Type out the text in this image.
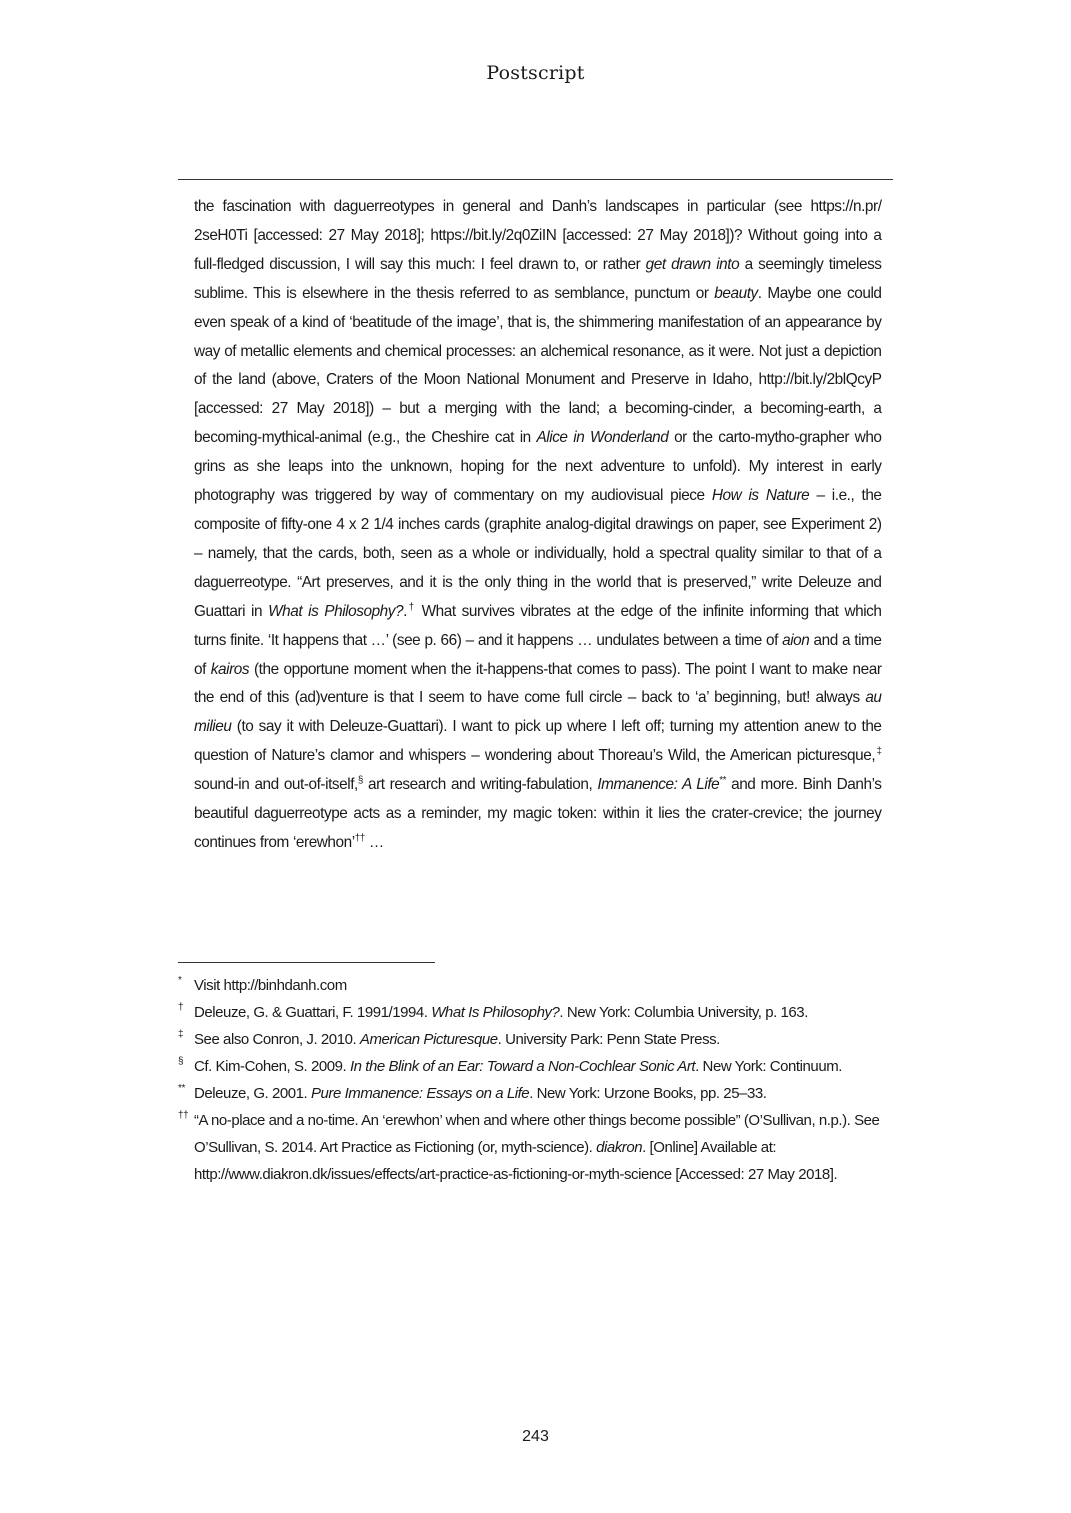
Postscript

the fascination with daguerreotypes in general and Danh’s landscapes in particular (see https://n.pr/ 2seH0Ti [accessed: 27 May 2018]; https://bit.ly/2q0ZiIN [accessed: 27 May 2018])? Without going into a full-fledged discussion, I will say this much: I feel drawn to, or rather get drawn into a seemingly timeless sublime. This is elsewhere in the thesis referred to as semblance, punctum or beauty. Maybe one could even speak of a kind of ‘beatitude of the image’, that is, the shimmering manifestation of an appearance by way of metallic elements and chemical processes: an alchemical resonance, as it were. Not just a depiction of the land (above, Craters of the Moon National Monument and Preserve in Idaho, http://bit.ly/2blQcyP [accessed: 27 May 2018]) – but a merging with the land; a becoming-cinder, a becoming-earth, a becoming-mythical-animal (e.g., the Cheshire cat in Alice in Wonderland or the carto-mytho-grapher who grins as she leaps into the unknown, hoping for the next adventure to unfold). My interest in early photography was triggered by way of commentary on my audiovisual piece How is Nature – i.e., the composite of fifty-one 4 x 2 1/4 inches cards (graphite analog-digital drawings on paper, see Experiment 2) – namely, that the cards, both, seen as a whole or individually, hold a spectral quality similar to that of a daguerreotype. “Art preserves, and it is the only thing in the world that is preserved,” write Deleuze and Guattari in What is Philosophy?.† What survives vibrates at the edge of the infinite informing that which turns finite. ‘It happens that …’ (see p. 66) – and it happens … undulates between a time of aion and a time of kairos (the opportune moment when the it-happens-that comes to pass). The point I want to make near the end of this (ad)venture is that I seem to have come full circle – back to ‘a’ beginning, but! always au milieu (to say it with Deleuze-Guattari). I want to pick up where I left off; turning my attention anew to the question of Nature’s clamor and whispers – wondering about Thoreau’s Wild, the American picturesque,‡ sound-in and out-of-itself,§ art research and writing-fabulation, Immanence: A Life** and more. Binh Danh’s beautiful daguerreotype acts as a reminder, my magic token: within it lies the crater-crevice; the journey continues from ‘erewhon’†† …

* Visit http://binhdanh.com
† Deleuze, G. & Guattari, F. 1991/1994. What Is Philosophy?. New York: Columbia University, p. 163.
‡ See also Conron, J. 2010. American Picturesque. University Park: Penn State Press.
§ Cf. Kim-Cohen, S. 2009. In the Blink of an Ear: Toward a Non-Cochlear Sonic Art. New York: Continuum.
** Deleuze, G. 2001. Pure Immanence: Essays on a Life. New York: Urzone Books, pp. 25–33.
†† “A no-place and a no-time. An ‘erewhon’ when and where other things become possible” (O’Sullivan, n.p.). See O’Sullivan, S. 2014. Art Practice as Fictioning (or, myth-science). diakron. [Online] Available at: http://www.diakron.dk/issues/effects/art-practice-as-fictioning-or-myth-science [Accessed: 27 May 2018].
243
